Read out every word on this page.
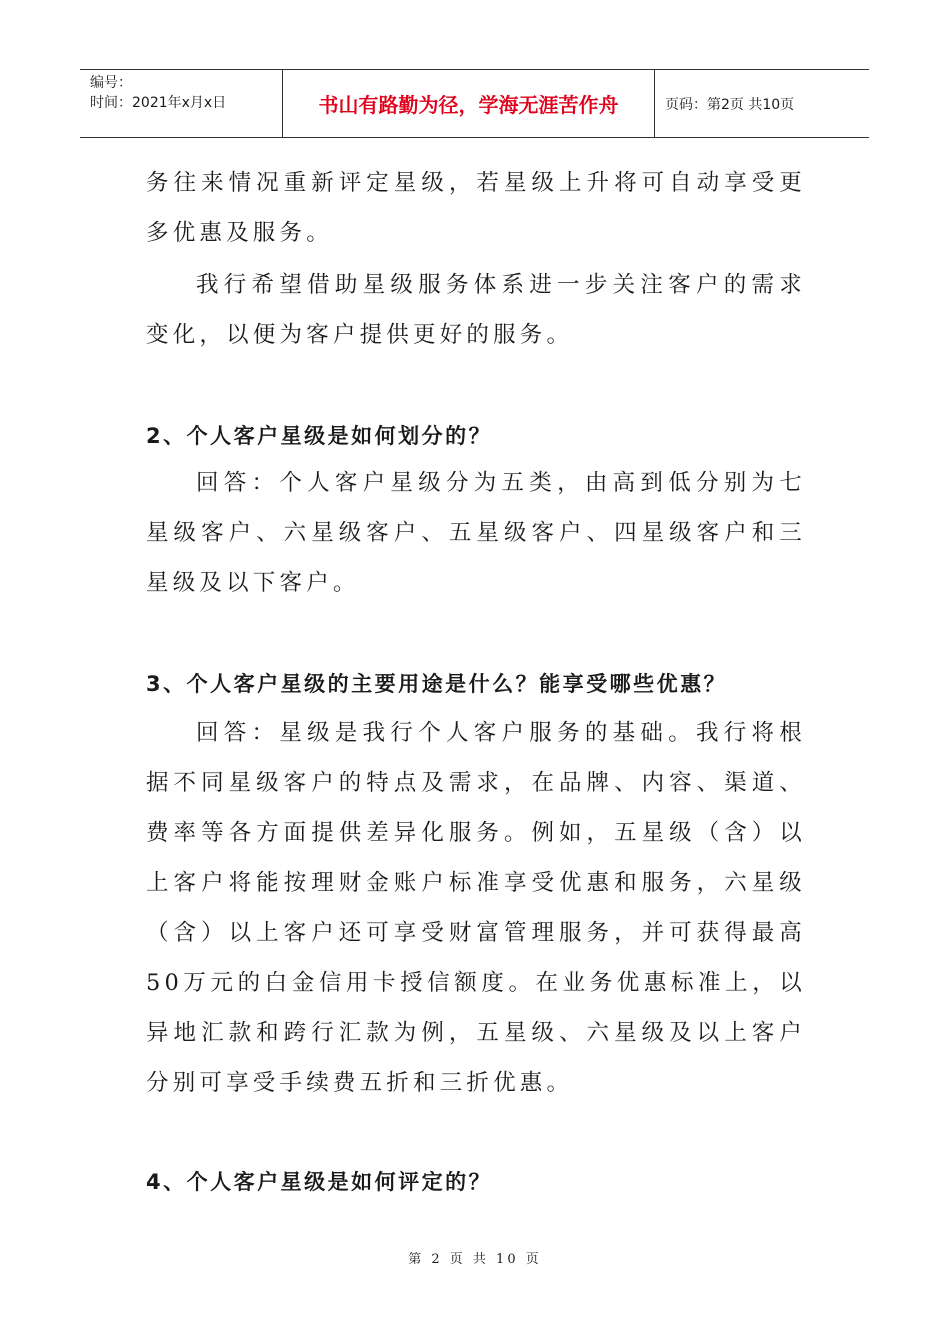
编号：
时间：2021年x月x日	书山有路勤为径，学海无涯苦作舟	页码：第2页 共10页

务往来情况重新评定星级，若星级上升将可自动享受更多优惠及服务。

我行希望借助星级服务体系进一步关注客户的需求变化，以便为客户提供更好的服务。

2、个人客户星级是如何划分的？

回答：个人客户星级分为五类，由高到低分别为七星级客户、六星级客户、五星级客户、四星级客户和三星级及以下客户。

3、个人客户星级的主要用途是什么？能享受哪些优惠？

回答：星级是我行个人客户服务的基础。我行将根据不同星级客户的特点及需求，在品牌、内容、渠道、费率等各方面提供差异化服务。例如，五星级（含）以上客户将能按理财金账户标准享受优惠和服务，六星级（含）以上客户还可享受财富管理服务，并可获得最高50万元的白金信用卡授信额度。在业务优惠标准上，以异地汇款和跨行汇款为例，五星级、六星级及以上客户分别可享受手续费五折和三折优惠。

4、个人客户星级是如何评定的？
第 2 页 共 10 页
